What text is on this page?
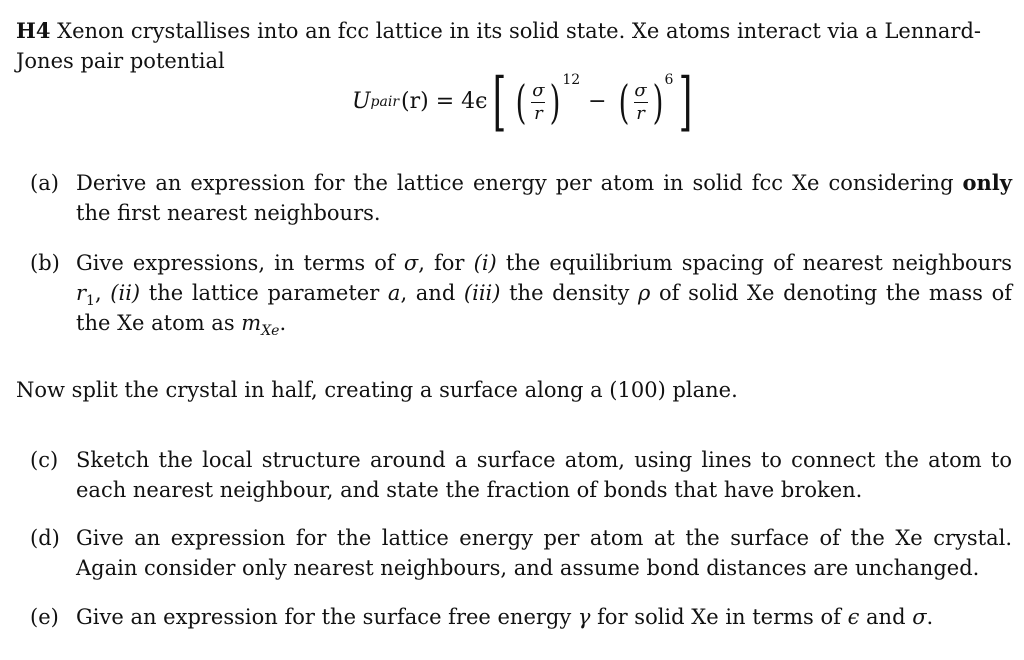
H4 Xenon crystallises into an fcc lattice in its solid state. Xe atoms interact via a Lennard-Jones pair potential
U pair (r) = 4ϵ [ ( $\frac{\sigma}{r}$ ) 12
− ( $\frac{\sigma}{r}$ ) 6 ]
(a) Derive an expression for the lattice energy per atom in solid fcc Xe considering only the first nearest neighbours.
(b) Give expressions, in terms of σ, for (i) the equilibrium spacing of nearest neighbours $r_1$, (ii) the lattice parameter a, and (iii) the density ρ of solid Xe denoting the mass of the Xe atom as $m_{Xe}$.
Now split the crystal in half, creating a surface along a (100) plane.
(c) Sketch the local structure around a surface atom, using lines to connect the atom to each nearest neighbour, and state the fraction of bonds that have broken.
(d) Give an expression for the lattice energy per atom at the surface of the Xe crystal. Again consider only nearest neighbours, and assume bond distances are unchanged.
(e) Give an expression for the surface free energy γ for solid Xe in terms of ϵ and σ.
